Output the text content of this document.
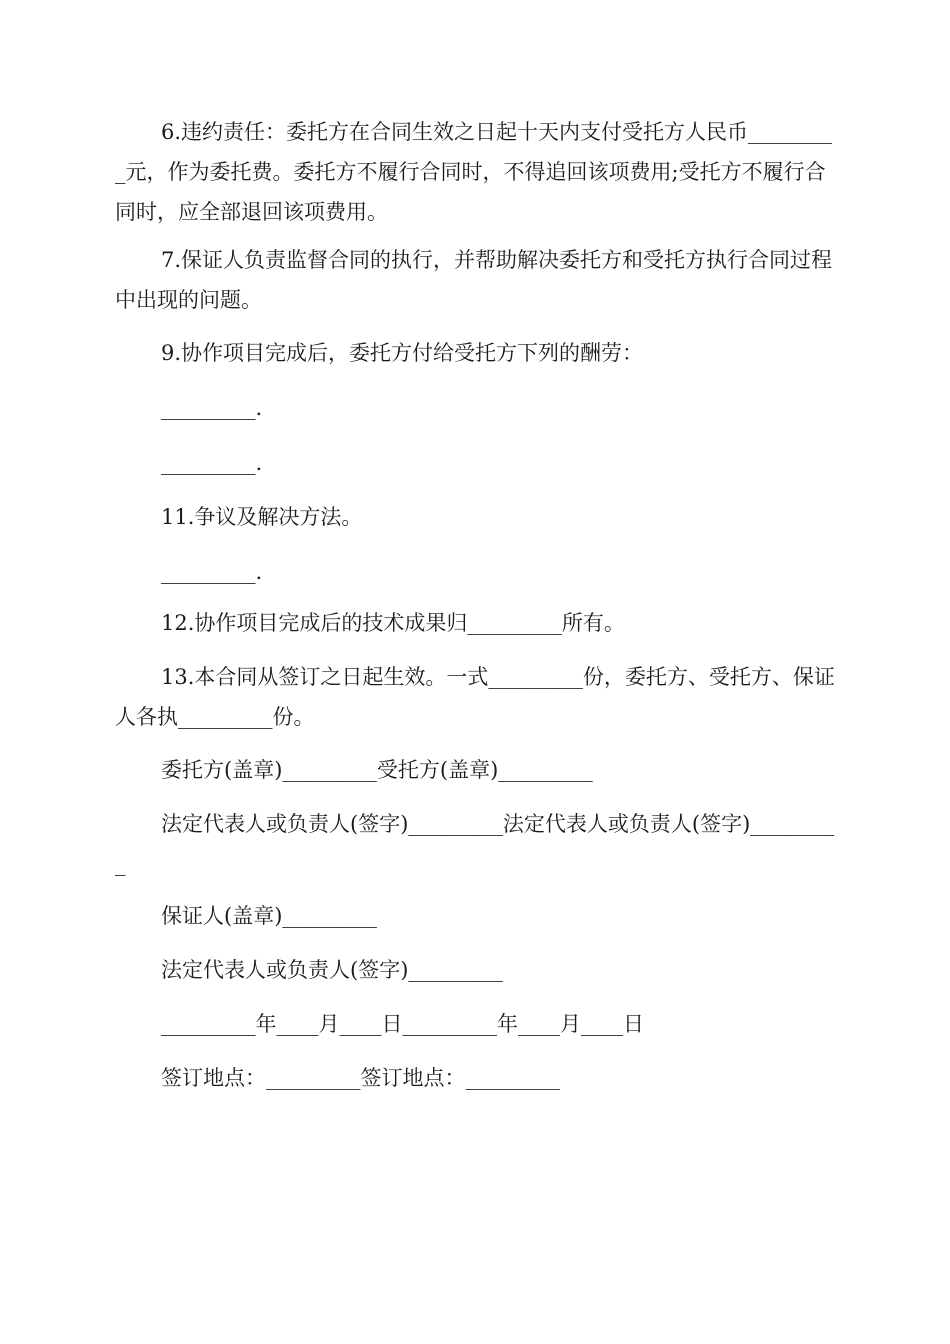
6.违约责任：委托方在合同生效之日起十天内支付受托方人民币_________元，作为委托费。委托方不履行合同时，不得追回该项费用;受托方不履行合同时，应全部退回该项费用。

7.保证人负责监督合同的执行，并帮助解决委托方和受托方执行合同过程中出现的问题。

9.协作项目完成后，委托方付给受托方下列的酬劳：

_________.

_________.

11.争议及解决方法。

_________.

12.协作项目完成后的技术成果归_________所有。

13.本合同从签订之日起生效。一式_________份，委托方、受托方、保证人各执_________份。

委托方(盖章)_________受托方(盖章)_________

法定代表人或负责人(签字)_________法定代表人或负责人(签字)_________

保证人(盖章)_________

法定代表人或负责人(签字)_________

_________年____月____日_________年____月____日

签订地点：_________签订地点：_________
